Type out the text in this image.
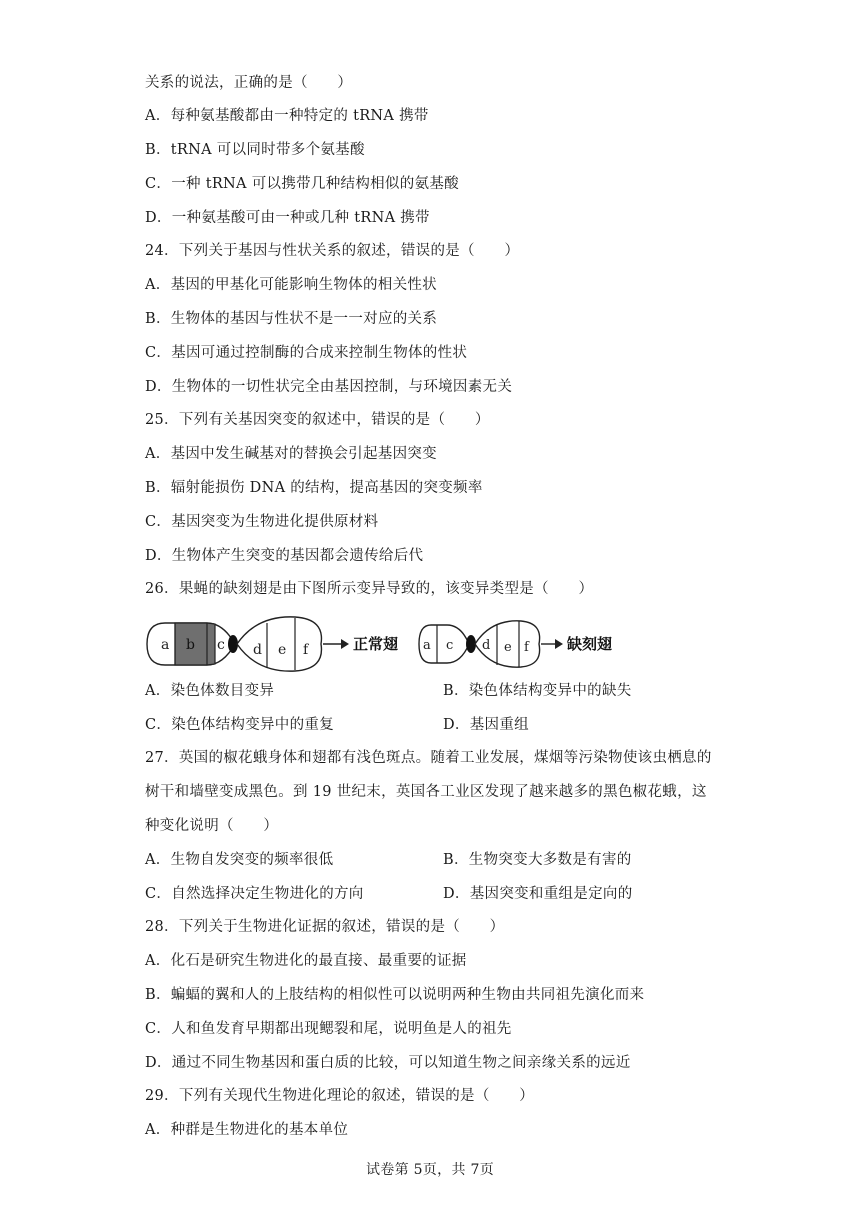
关系的说法，正确的是（　　）
A．每种氨基酸都由一种特定的 tRNA 携带
B．tRNA 可以同时带多个氨基酸
C．一种 tRNA 可以携带几种结构相似的氨基酸
D．一种氨基酸可由一种或几种 tRNA 携带
24．下列关于基因与性状关系的叙述，错误的是（　　）
A．基因的甲基化可能影响生物体的相关性状
B．生物体的基因与性状不是一一对应的关系
C．基因可通过控制酶的合成来控制生物体的性状
D．生物体的一切性状完全由基因控制，与环境因素无关
25．下列有关基因突变的叙述中，错误的是（　　）
A．基因中发生碱基对的替换会引起基因突变
B．辐射能损伤 DNA 的结构，提高基因的突变频率
C．基因突变为生物进化提供原材料
D．生物体产生突变的基因都会遗传给后代
26．果蝇的缺刻翅是由下图所示变异导致的，该变异类型是（　　）
a b c d e f	正常翅 a c d e f	缺刻翅
A．染色体数目变异	B．染色体结构变异中的缺失
C．染色体结构变异中的重复	D．基因重组
27．英国的椒花蛾身体和翅都有浅色斑点。随着工业发展，煤烟等污染物使该虫栖息的
树干和墙壁变成黑色。到 19 世纪末，英国各工业区发现了越来越多的黑色椒花蛾，这
种变化说明（　　）
A．生物自发突变的频率很低	B．生物突变大多数是有害的
C．自然选择决定生物进化的方向	D．基因突变和重组是定向的
28．下列关于生物进化证据的叙述，错误的是（　　）
A．化石是研究生物进化的最直接、最重要的证据
B．蝙蝠的翼和人的上肢结构的相似性可以说明两种生物由共同祖先演化而来
C．人和鱼发育早期都出现鳃裂和尾，说明鱼是人的祖先
D．通过不同生物基因和蛋白质的比较，可以知道生物之间亲缘关系的远近
29．下列有关现代生物进化理论的叙述，错误的是（　　）
A．种群是生物进化的基本单位
试卷第 5页，共 7页
